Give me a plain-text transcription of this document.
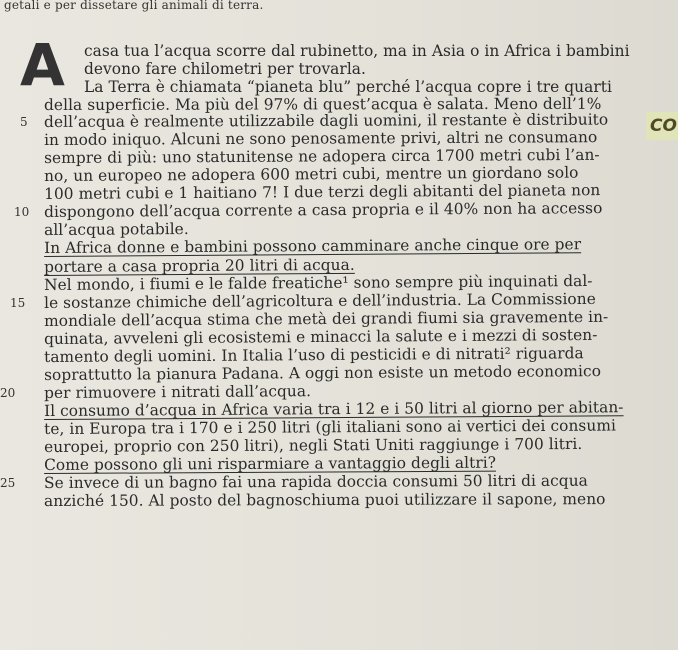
getali e per dissetare gli animali di terra.
A
CO
casa tua l’acqua scorre dal rubinetto, ma in Asia o in Africa i bambini
devono fare chilometri per trovarla.
La Terra è chiamata “pianeta blu” perché l’acqua copre i tre quarti
della superficie. Ma più del 97% di quest’acqua è salata. Meno dell’1%
dell’acqua è realmente utilizzabile dagli uomini, il restante è distribuito
5
in modo iniquo. Alcuni ne sono penosamente privi, altri ne consumano
sempre di più: uno statunitense ne adopera circa 1700 metri cubi l’an-
no, un europeo ne adopera 600 metri cubi, mentre un giordano solo
100 metri cubi e 1 haitiano 7! I due terzi degli abitanti del pianeta non
dispongono dell’acqua corrente a casa propria e il 40% non ha accesso
10
all’acqua potabile.
In Africa donne e bambini possono camminare anche cinque ore per
portare a casa propria 20 litri di acqua.
Nel mondo, i fiumi e le falde freatiche¹ sono sempre più inquinati dal-
le sostanze chimiche dell’agricoltura e dell’industria. La Commissione
15
mondiale dell’acqua stima che metà dei grandi fiumi sia gravemente in-
quinata, avveleni gli ecosistemi e minacci la salute e i mezzi di sosten-
tamento degli uomini. In Italia l’uso di pesticidi e di nitrati² riguarda
soprattutto la pianura Padana. A oggi non esiste un metodo economico
per rimuovere i nitrati dall’acqua.
20
Il consumo d’acqua in Africa varia tra i 12 e i 50 litri al giorno per abitan-
te, in Europa tra i 170 e i 250 litri (gli italiani sono ai vertici dei consumi
europei, proprio con 250 litri), negli Stati Uniti raggiunge i 700 litri.
Come possono gli uni risparmiare a vantaggio degli altri?
Se invece di un bagno fai una rapida doccia consumi 50 litri di acqua
25
anziché 150. Al posto del bagnoschiuma puoi utilizzare il sapone, meno
